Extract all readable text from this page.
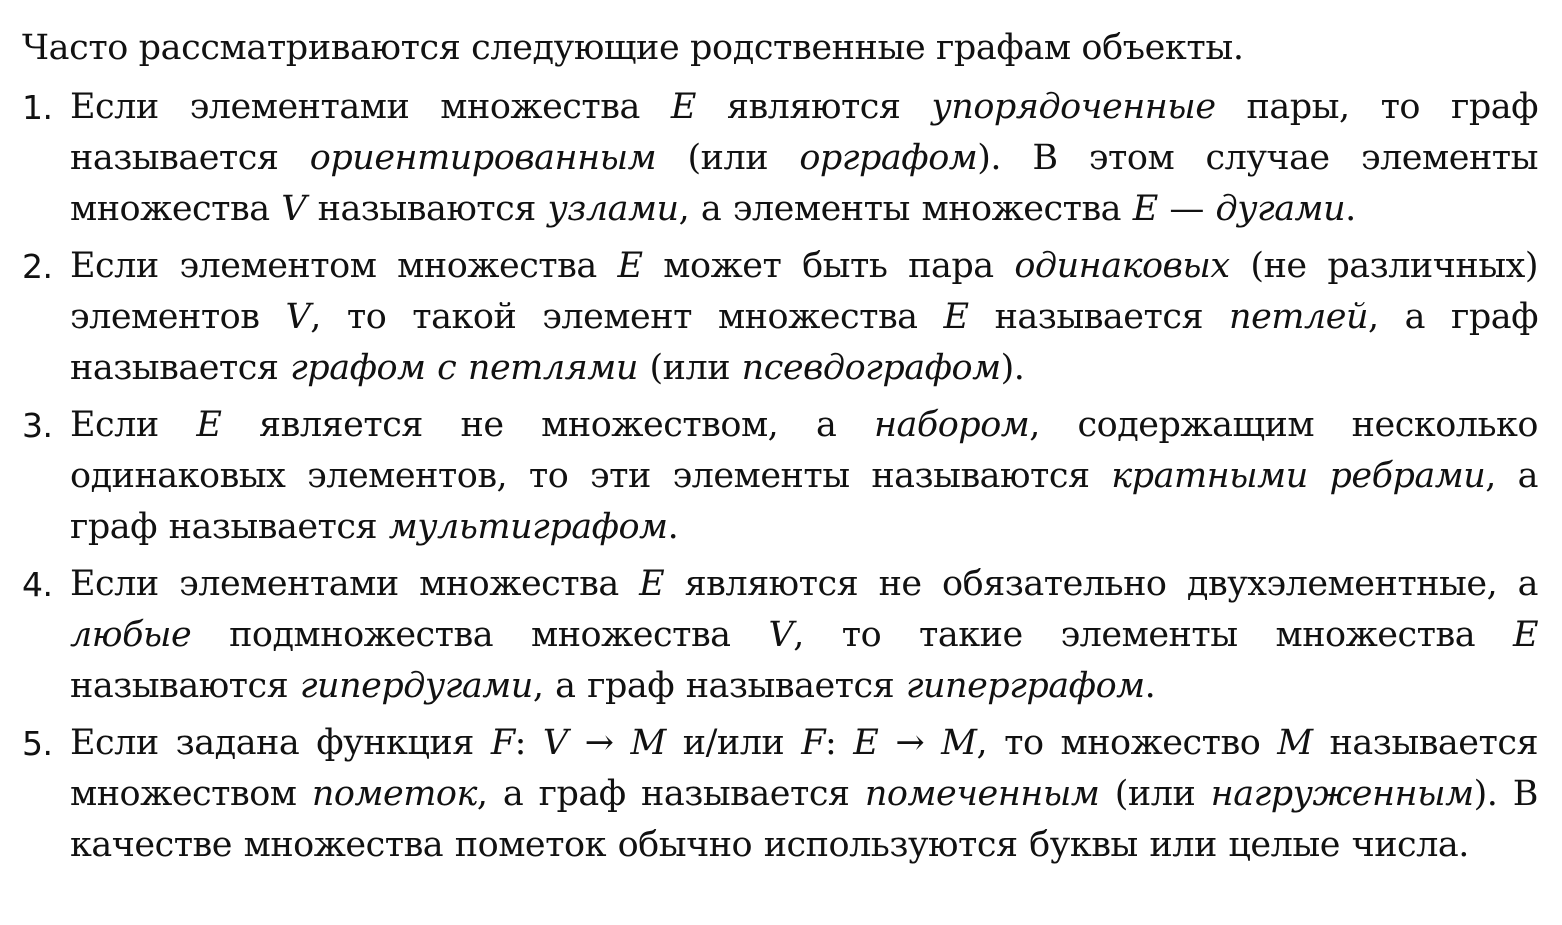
Часто рассматриваются следующие родственные графам объекты.

1. Если элементами множества E являются упорядоченные пары, то граф называется ориентированным (или орграфом). В этом случае элементы множества V называются узлами, а элементы множества E — дугами.
2. Если элементом множества E может быть пара одинаковых (не различных) элементов V, то такой элемент множества E называется петлей, а граф называется графом с петлями (или псевдографом).
3. Если E является не множеством, а набором, содержащим несколько одинаковых элементов, то эти элементы называются кратными ребрами, а граф называется мультиграфом.
4. Если элементами множества E являются не обязательно двухэлементные, а любые подмножества множества V, то такие элементы множества E называются гипердугами, а граф называется гиперграфом.
5. Если задана функция F: V → M и/или F: E → M, то множество M называется множеством пометок, а граф называется помеченным (или нагруженным). В качестве множества пометок обычно используются буквы или целые числа.
